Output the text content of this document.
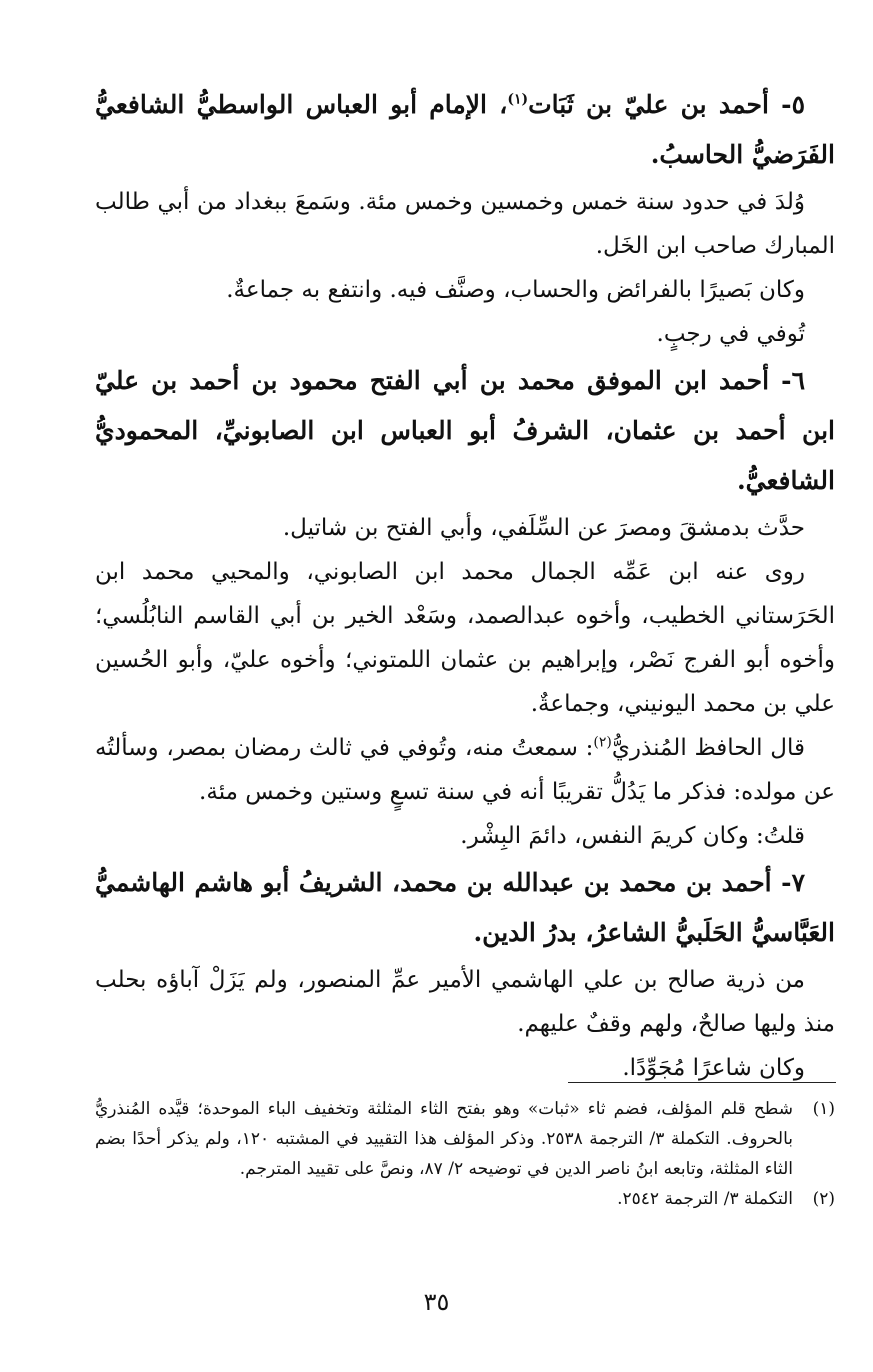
٥- أحمد بن عليّ بن ثَبَات$^{(١)}$، الإمام أبو العباس الواسطيُّ الشافعيُّ الفَرَضيُّ الحاسبُ.

وُلدَ في حدود سنة خمس وخمسين وخمس مئة. وسَمعَ ببغداد من أبي طالب المبارك صاحب ابن الخَل.

وكان بَصيرًا بالفرائض والحساب، وصنَّف فيه. وانتفع به جماعةٌ.

تُوفي في رجبٍ.

٦- أحمد ابن الموفق محمد بن أبي الفتح محمود بن أحمد بن عليّ ابن أحمد بن عثمان، الشرفُ أبو العباس ابن الصابونيِّ، المحموديُّ الشافعيُّ.

حدَّث بدمشقَ ومصرَ عن السِّلَفي، وأبي الفتح بن شاتيل.

روى عنه ابن عَمِّه الجمال محمد ابن الصابوني، والمحيي محمد ابن الحَرَستاني الخطيب، وأخوه عبدالصمد، وسَعْد الخير بن أبي القاسم النابُلُسي؛ وأخوه أبو الفرج نَصْر، وإبراهيم بن عثمان اللمتوني؛ وأخوه عليّ، وأبو الحُسين علي بن محمد اليونيني، وجماعةٌ.

قال الحافظ المُنذريُّ$^{(٢)}$: سمعتُ منه، وتُوفي في ثالث رمضان بمصر، وسألتُه عن مولده: فذكر ما يَدُلُّ تقريبًا أنه في سنة تسعٍ وستين وخمس مئة.

قلتُ: وكان كريمَ النفس، دائمَ البِشْر.

٧- أحمد بن محمد بن عبدالله بن محمد، الشريفُ أبو هاشم الهاشميُّ العَبَّاسيُّ الحَلَبيُّ الشاعرُ، بدرُ الدين.

من ذرية صالح بن علي الهاشمي الأمير عمِّ المنصور، ولم يَزَلْ آباؤه بحلب منذ وليها صالحٌ، ولهم وقفٌ عليهم.

وكان شاعرًا مُجَوِّدًا.

(١)
شطح قلم المؤلف، فضم ثاء «ثبات» وهو بفتح الثاء المثلثة وتخفيف الباء الموحدة؛ قيَّده المُنذريُّ بالحروف. التكملة ٣/ الترجمة ٢٥٣٨. وذكر المؤلف هذا التقييد في المشتبه ١٢٠، ولم يذكر أحدًا بضم الثاء المثلثة، وتابعه ابنُ ناصر الدين في توضيحه ٢/ ٨٧، ونصَّ على تقييد المترجم.

(٢)
التكملة ٣/ الترجمة ٢٥٤٢.

٣٥
